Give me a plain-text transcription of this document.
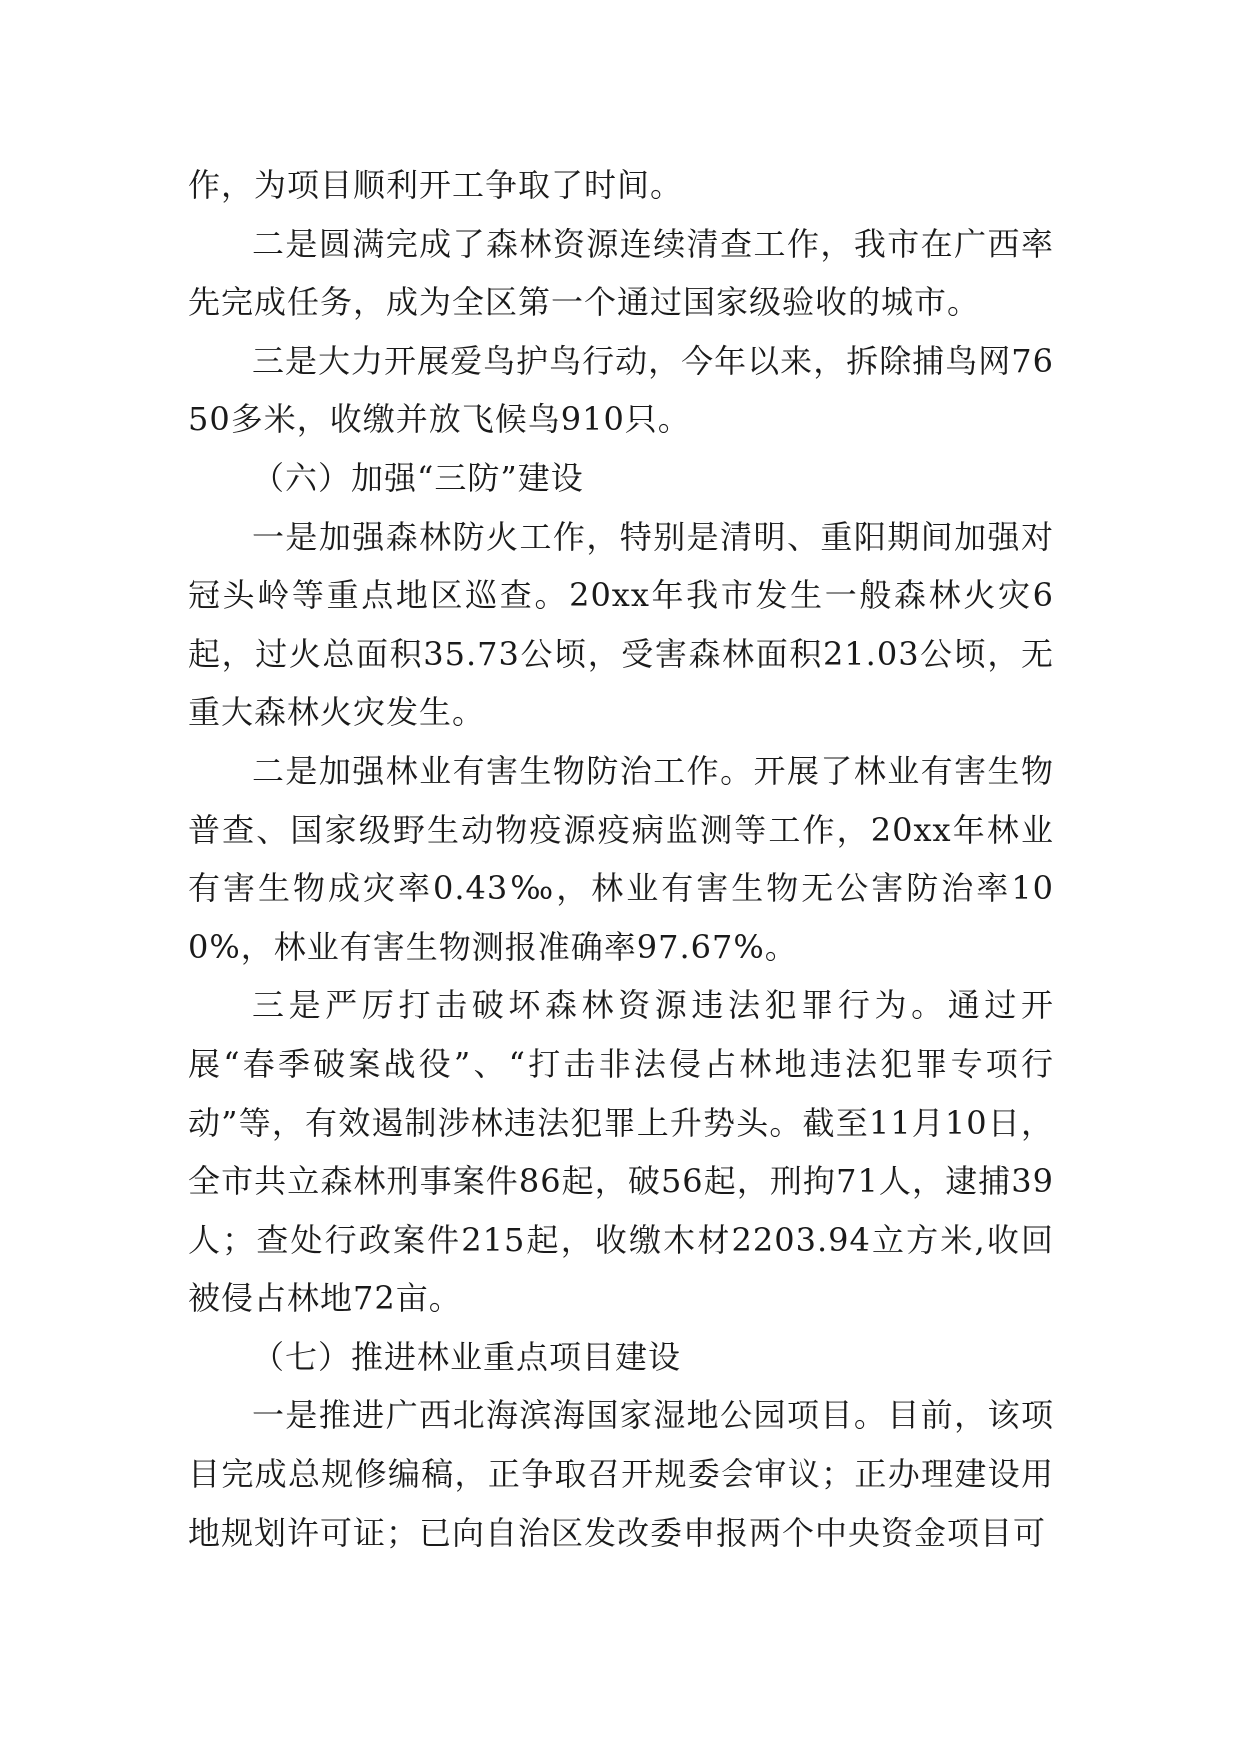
作，为项目顺利开工争取了时间。

二是圆满完成了森林资源连续清查工作，我市在广西率先完成任务，成为全区第一个通过国家级验收的城市。

三是大力开展爱鸟护鸟行动，今年以来，拆除捕鸟网7650多米，收缴并放飞候鸟910只。

（六）加强“三防”建设

一是加强森林防火工作，特别是清明、重阳期间加强对冠头岭等重点地区巡查。20xx年我市发生一般森林火灾6起，过火总面积35.73公顷，受害森林面积21.03公顷，无重大森林火灾发生。

二是加强林业有害生物防治工作。开展了林业有害生物普查、国家级野生动物疫源疫病监测等工作，20xx年林业有害生物成灾率0.43‰，林业有害生物无公害防治率100%，林业有害生物测报准确率97.67%。

三是严厉打击破坏森林资源违法犯罪行为。通过开展“春季破案战役”、“打击非法侵占林地违法犯罪专项行动”等，有效遏制涉林违法犯罪上升势头。截至11月10日，全市共立森林刑事案件86起，破56起，刑拘71人，逮捕39人；查处行政案件215起，收缴木材2203.94立方米,收回被侵占林地72亩。

（七）推进林业重点项目建设

一是推进广西北海滨海国家湿地公园项目。目前，该项目完成总规修编稿，正争取召开规委会审议；正办理建设用地规划许可证；已向自治区发改委申报两个中央资金项目可
